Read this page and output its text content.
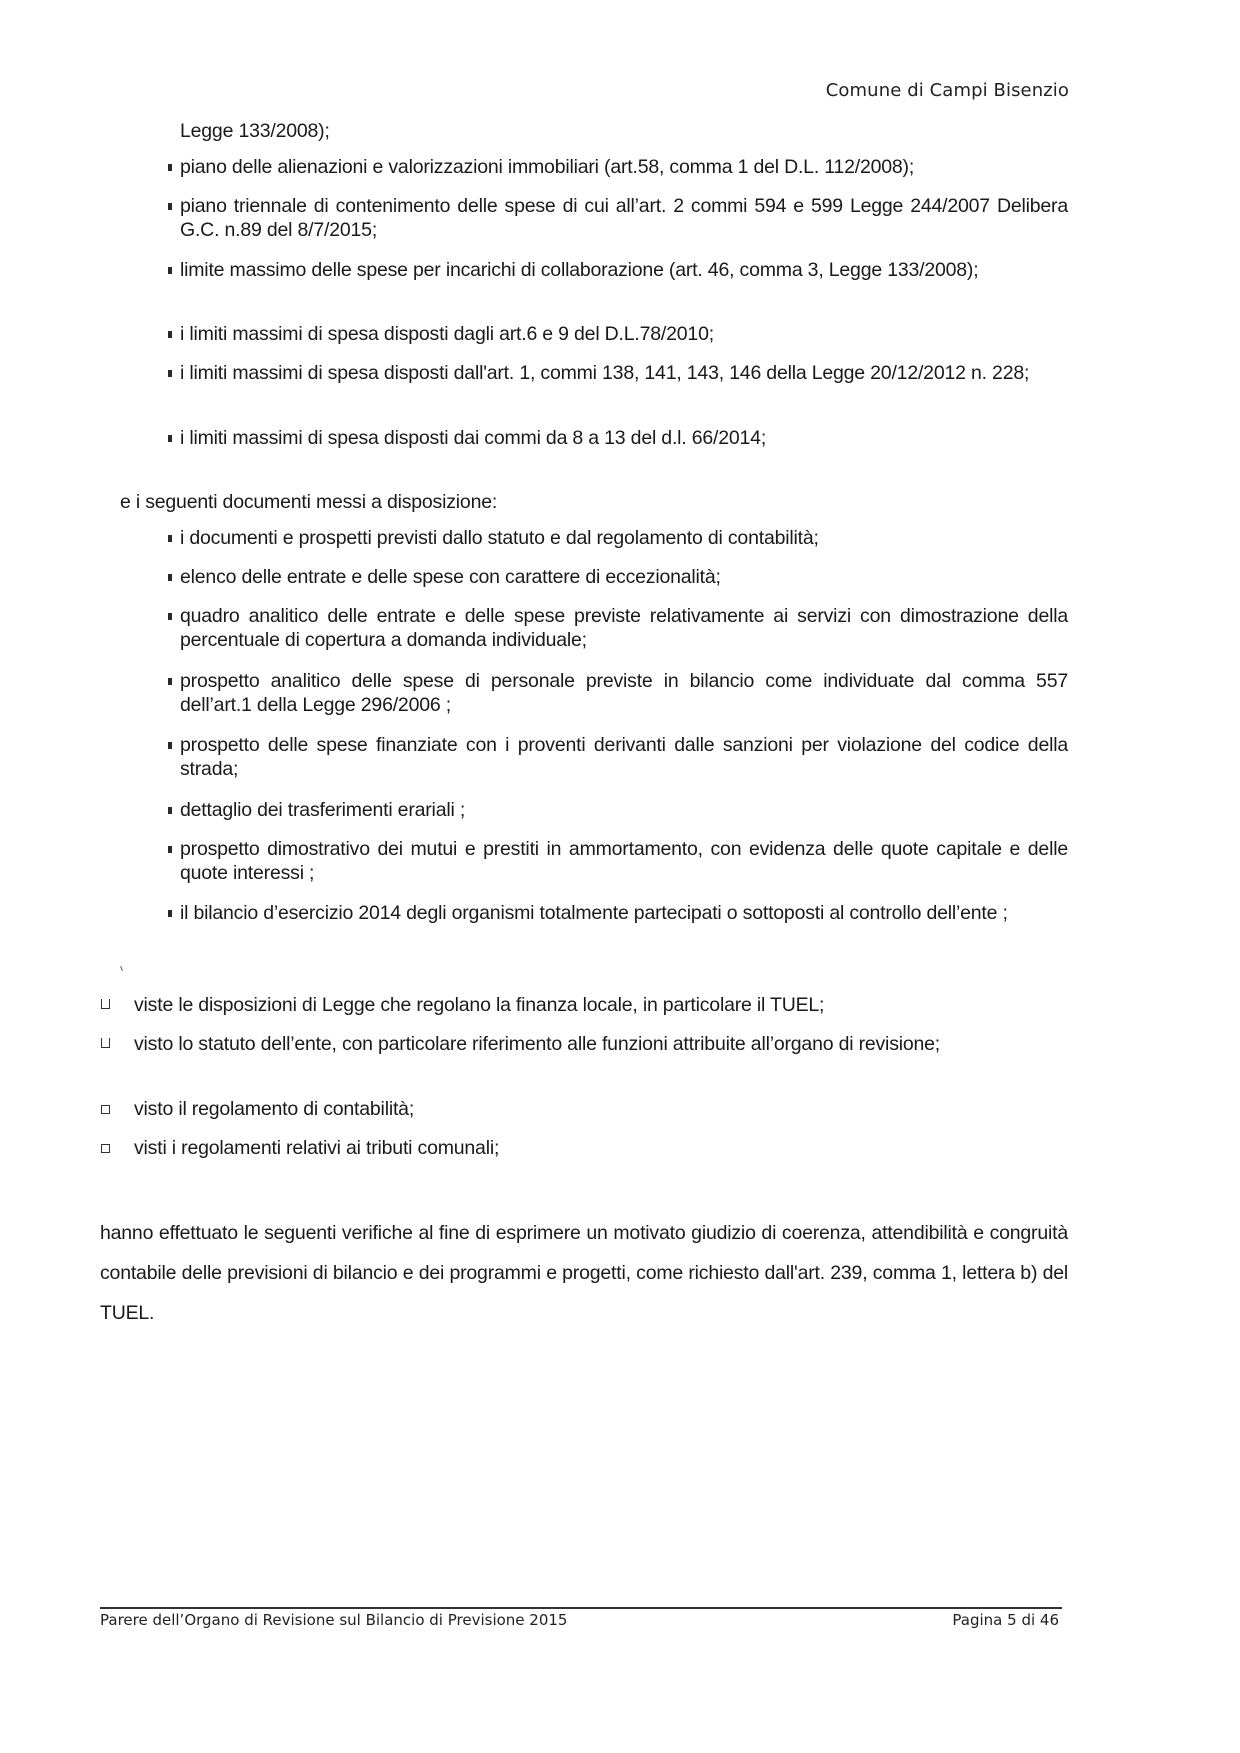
Comune di Campi Bisenzio
Legge 133/2008);
piano delle alienazioni e valorizzazioni immobiliari (art.58, comma 1 del D.L. 112/2008);
piano triennale di contenimento delle spese di cui all’art. 2 commi 594 e 599 Legge 244/2007 Delibera G.C. n.89 del 8/7/2015;
limite massimo delle spese per incarichi di collaborazione (art. 46, comma 3, Legge 133/2008);
i limiti massimi di spesa disposti dagli art.6 e 9 del D.L.78/2010;
i limiti massimi di spesa disposti dall'art. 1, commi 138, 141, 143, 146 della Legge 20/12/2012 n. 228;
i limiti massimi di spesa disposti dai commi da 8 a 13 del d.l. 66/2014;
e i seguenti documenti messi a disposizione:
i documenti e prospetti previsti dallo statuto e dal regolamento di contabilità;
elenco delle entrate e delle spese con carattere di eccezionalità;
quadro analitico delle entrate e delle spese previste relativamente ai servizi con dimostrazione della percentuale di copertura a domanda individuale;
prospetto analitico delle spese di personale previste in bilancio come individuate dal comma 557 dell’art.1 della Legge 296/2006 ;
prospetto delle spese finanziate con i proventi derivanti dalle sanzioni per violazione del codice della strada;
dettaglio dei trasferimenti erariali ;
prospetto dimostrativo dei mutui e prestiti in ammortamento, con evidenza delle quote capitale e delle quote interessi ;
il bilancio d’esercizio 2014 degli organismi totalmente partecipati o sottoposti al controllo dell’ente ;
viste le disposizioni di Legge che regolano la finanza locale, in particolare il TUEL;
visto lo statuto dell’ente, con particolare riferimento alle funzioni attribuite all’organo di revisione;
visto il regolamento di contabilità;
visti i regolamenti relativi ai tributi comunali;
hanno effettuato le seguenti verifiche al fine di esprimere un motivato giudizio di coerenza, attendibilità e congruità contabile delle previsioni di bilancio e dei programmi e progetti, come richiesto dall'art. 239, comma 1, lettera b) del TUEL.
Parere dell’Organo di Revisione sul Bilancio di Previsione 2015	Pagina 5 di 46
